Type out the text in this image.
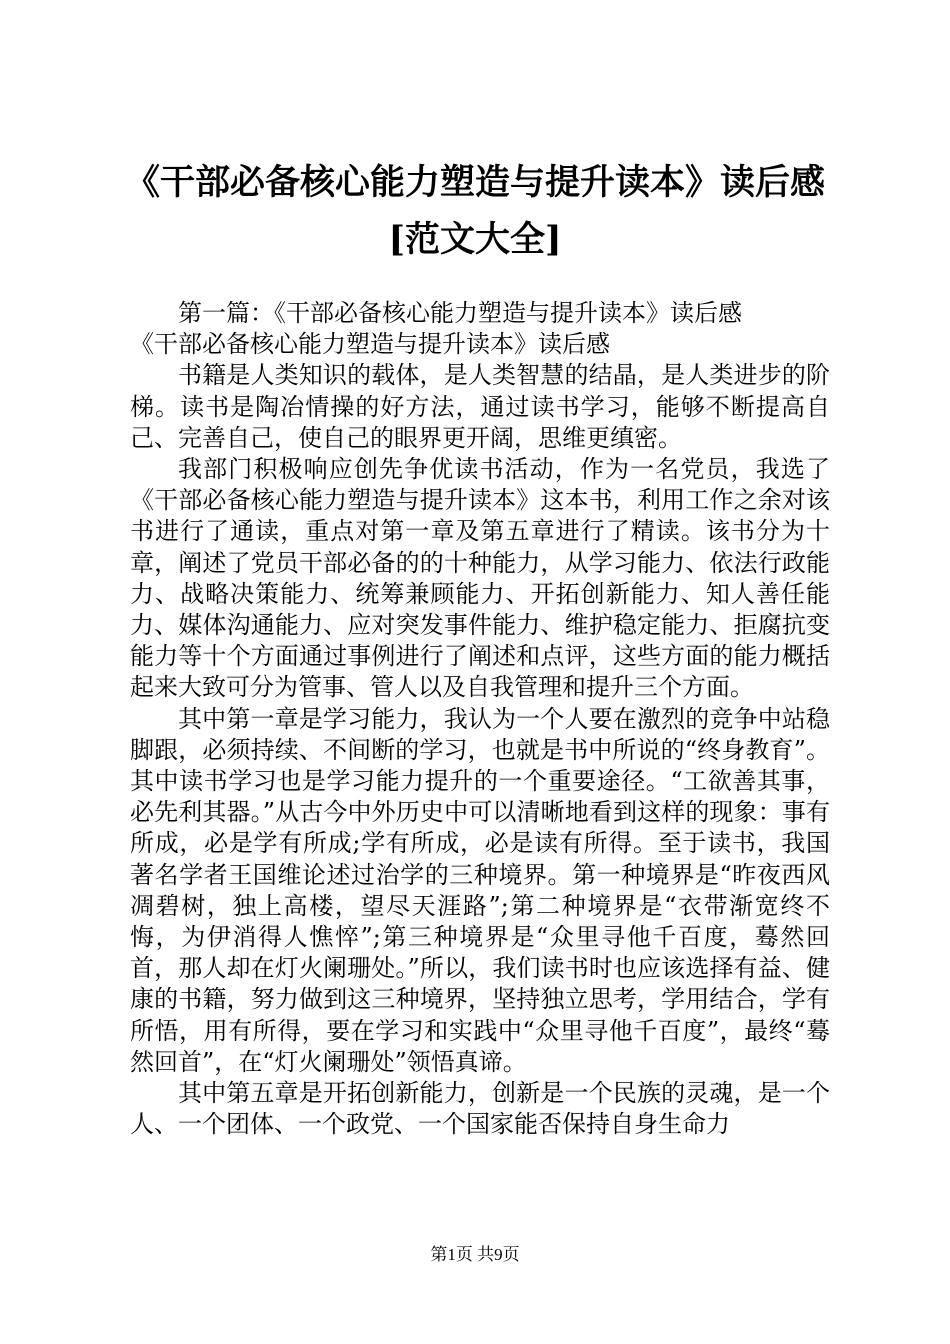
《干部必备核心能力塑造与提升读本》读后感
[范文大全]

第一篇：《干部必备核心能力塑造与提升读本》读后感

《干部必备核心能力塑造与提升读本》读后感

书籍是人类知识的载体，是人类智慧的结晶，是人类进步的阶梯。读书是陶冶情操的好方法，通过读书学习，能够不断提高自己、完善自己，使自己的眼界更开阔，思维更缜密。

我部门积极响应创先争优读书活动，作为一名党员，我选了《干部必备核心能力塑造与提升读本》这本书，利用工作之余对该书进行了通读，重点对第一章及第五章进行了精读。该书分为十章，阐述了党员干部必备的的十种能力，从学习能力、依法行政能力、战略决策能力、统筹兼顾能力、开拓创新能力、知人善任能力、媒体沟通能力、应对突发事件能力、维护稳定能力、拒腐抗变能力等十个方面通过事例进行了阐述和点评，这些方面的能力概括起来大致可分为管事、管人以及自我管理和提升三个方面。

其中第一章是学习能力，我认为一个人要在激烈的竞争中站稳脚跟，必须持续、不间断的学习，也就是书中所说的“终身教育”。其中读书学习也是学习能力提升的一个重要途径。“工欲善其事，必先利其器。”从古今中外历史中可以清晰地看到这样的现象：事有所成，必是学有所成;学有所成，必是读有所得。至于读书，我国著名学者王国维论述过治学的三种境界。第一种境界是“昨夜西风凋碧树，独上高楼，望尽天涯路”;第二种境界是“衣带渐宽终不悔，为伊消得人憔悴”;第三种境界是“众里寻他千百度，蓦然回首，那人却在灯火阑珊处。”所以，我们读书时也应该选择有益、健康的书籍，努力做到这三种境界，坚持独立思考，学用结合，学有所悟，用有所得，要在学习和实践中“众里寻他千百度”，最终“蓦然回首”，在“灯火阑珊处”领悟真谛。

其中第五章是开拓创新能力，创新是一个民族的灵魂，是一个人、一个团体、一个政党、一个国家能否保持自身生命力

第1页 共9页
